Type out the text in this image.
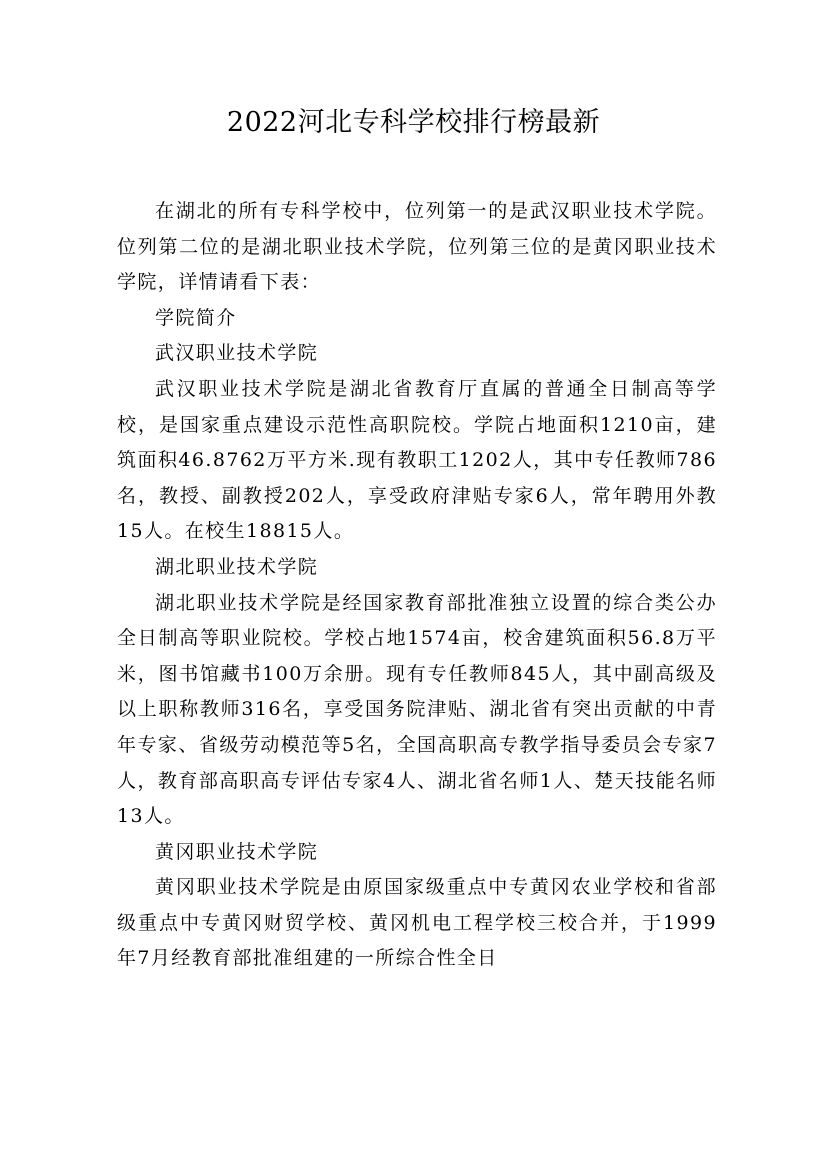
2022河北专科学校排行榜最新

在湖北的所有专科学校中，位列第一的是武汉职业技术学院。位列第二位的是湖北职业技术学院，位列第三位的是黄冈职业技术学院，详情请看下表：

学院简介

武汉职业技术学院

武汉职业技术学院是湖北省教育厅直属的普通全日制高等学校，是国家重点建设示范性高职院校。学院占地面积1210亩，建筑面积46.8762万平方米.现有教职工1202人，其中专任教师786名，教授、副教授202人，享受政府津贴专家6人，常年聘用外教15人。在校生18815人。

湖北职业技术学院

湖北职业技术学院是经国家教育部批准独立设置的综合类公办全日制高等职业院校。学校占地1574亩，校舍建筑面积56.8万平米，图书馆藏书100万余册。现有专任教师845人，其中副高级及以上职称教师316名，享受国务院津贴、湖北省有突出贡献的中青年专家、省级劳动模范等5名，全国高职高专教学指导委员会专家7人，教育部高职高专评估专家4人、湖北省名师1人、楚天技能名师13人。

黄冈职业技术学院

黄冈职业技术学院是由原国家级重点中专黄冈农业学校和省部级重点中专黄冈财贸学校、黄冈机电工程学校三校合并，于1999年7月经教育部批准组建的一所综合性全日
